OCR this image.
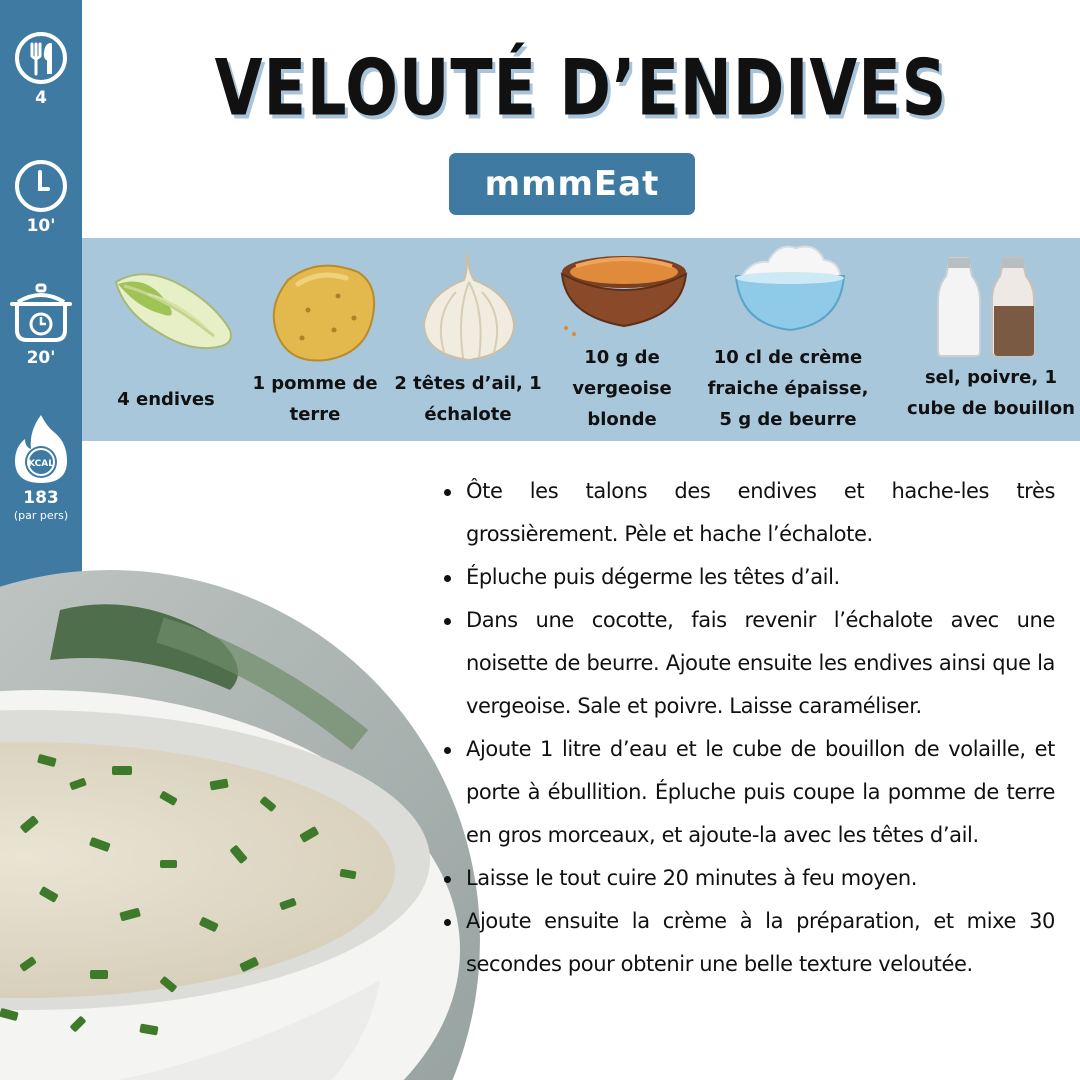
4
10'
20'
KCAL
183
(par pers)
VELOUTÉ D’ENDIVES
mmmEat
4 endives
1 pomme de terre
2 têtes d’ail, 1 échalote
10 g de vergeoise blonde
10 cl de crème fraiche épaisse, 5 g de beurre
sel, poivre, 1 cube de bouillon
Ôte les talons des endives et hache-les très grossièrement. Pèle et hache l’échalote.
Épluche puis dégerme les têtes d’ail.
Dans une cocotte, fais revenir l’échalote avec une noisette de beurre. Ajoute ensuite les endives ainsi que la vergeoise. Sale et poivre. Laisse caraméliser.
Ajoute 1 litre d’eau et le cube de bouillon de volaille, et porte à ébullition. Épluche puis coupe la pomme de terre en gros morceaux, et ajoute-la avec les têtes d’ail.
Laisse le tout cuire 20 minutes à feu moyen.
Ajoute ensuite la crème à la préparation, et mixe 30 secondes pour obtenir une belle texture veloutée.
